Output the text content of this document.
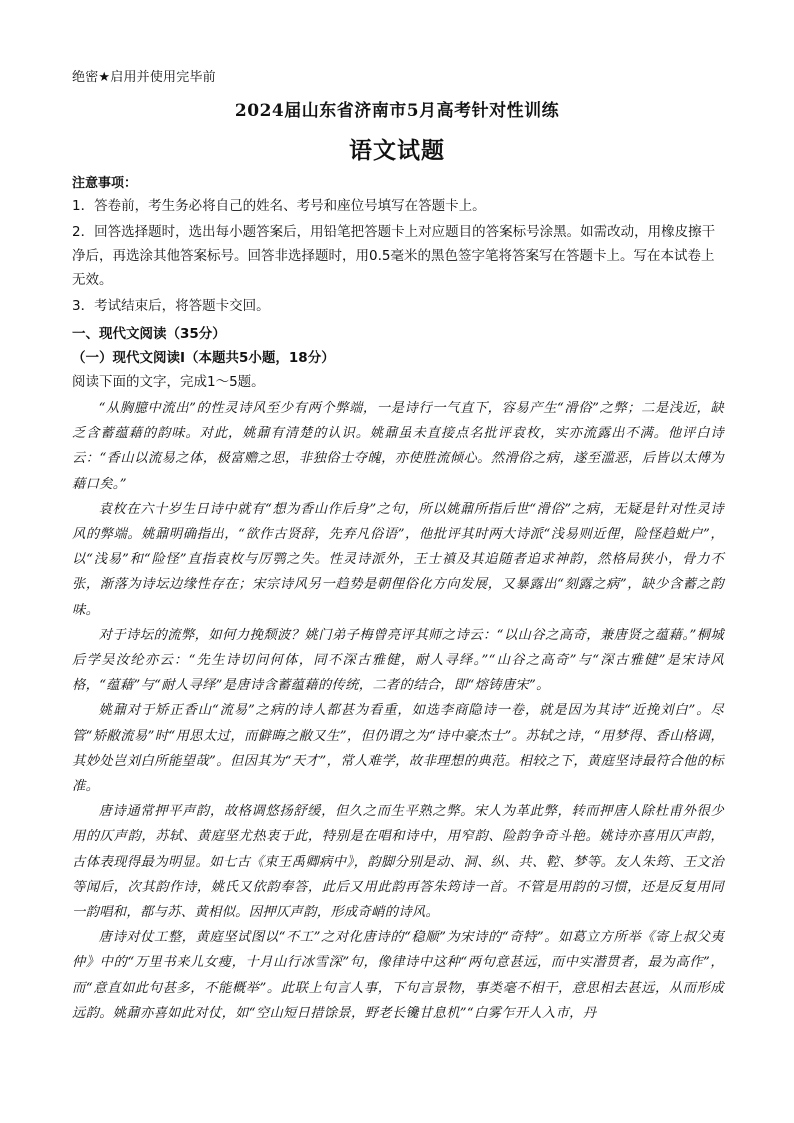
绝密★启用并使用完毕前
2024届山东省济南市5月高考针对性训练
语文试题
注意事项：
1．答卷前，考生务必将自己的姓名、考号和座位号填写在答题卡上。
2．回答选择题时，选出每小题答案后，用铅笔把答题卡上对应题目的答案标号涂黑。如需改动，用橡皮擦干净后，再选涂其他答案标号。回答非选择题时，用0.5毫米的黑色签字笔将答案写在答题卡上。写在本试卷上无效。
3．考试结束后，将答题卡交回。
一、现代文阅读（35分）
（一）现代文阅读Ⅰ（本题共5小题，18分）
阅读下面的文字，完成1～5题。

“从胸臆中流出”的性灵诗风至少有两个弊端，一是诗行一气直下，容易产生“滑俗”之弊；二是浅近，缺乏含蓄蕴藉的韵味。对此，姚鼐有清楚的认识。姚鼐虽未直接点名批评袁枚，实亦流露出不满。他评白诗云：“香山以流易之体，极富赡之思，非独俗士夺魄，亦使胜流倾心。然滑俗之病，遂至滥恶，后皆以太傅为藉口矣。”

袁枚在六十岁生日诗中就有“想为香山作后身”之句，所以姚鼐所指后世“滑俗”之病，无疑是针对性灵诗风的弊端。姚鼐明确指出，“欲作古贤辞，先弃凡俗语”，他批评其时两大诗派“浅易则近俚，险怪趋蚍户”，以“浅易”和“险怪”直指袁枚与厉鹗之失。性灵诗派外，王士禛及其追随者追求神韵，然格局狭小，骨力不张，渐落为诗坛边缘性存在；宋宗诗风另一趋势是朝俚俗化方向发展，又暴露出“刻露之病”，缺少含蓄之韵味。

对于诗坛的流弊，如何力挽颓波？姚门弟子梅曾亮评其师之诗云：“以山谷之高奇，兼唐贤之蕴藉。”桐城后学吴汝纶亦云：“先生诗切问何体，同不深古雅健，耐人寻绎。”“山谷之高奇”与“深古雅健”是宋诗风格，“蕴藉”与“耐人寻绎”是唐诗含蓄蕴藉的传统，二者的结合，即“熔铸唐宋”。

姚鼐对于矫正香山“流易”之病的诗人都甚为看重，如选李商隐诗一卷，就是因为其诗“近挽刘白”。尽管“矫敝流易”时“用思太过，而僻晦之敝又生”，但仍谓之为“诗中豪杰士”。苏轼之诗，“用梦得、香山格调，其妙处岂刘白所能望哉”。但因其为“天才”，常人难学，故非理想的典范。相较之下，黄庭坚诗最符合他的标准。

唐诗通常押平声韵，故格调悠扬舒缓，但久之而生平熟之弊。宋人为革此弊，转而押唐人除杜甫外很少用的仄声韵，苏轼、黄庭坚尤热衷于此，特别是在唱和诗中，用窄韵、险韵争奇斗艳。姚诗亦喜用仄声韵，古体表现得最为明显。如七古《束王禹卿病中》，韵脚分别是动、洞、纵、共、鞚、梦等。友人朱筠、王文治等闻后，次其韵作诗，姚氏又依韵奉答，此后又用此韵再答朱筠诗一首。不管是用韵的习惯，还是反复用同一韵唱和，都与苏、黄相似。因押仄声韵，形成奇峭的诗风。

唐诗对仗工整，黄庭坚试图以“不工”之对化唐诗的“稳顺”为宋诗的“奇特”。如葛立方所举《寄上叔父夷仲》中的“万里书来儿女瘦，十月山行冰雪深”句，像律诗中这种“两句意甚远，而中实潜贯者，最为高作”，而“意直如此句甚多，不能概举”。此联上句言人事，下句言景物，事类毫不相干，意思相去甚远，从而形成远韵。姚鼐亦喜如此对仗，如“空山短日措馀景，野老长镵甘息机”“白雾乍开人入市，丹
